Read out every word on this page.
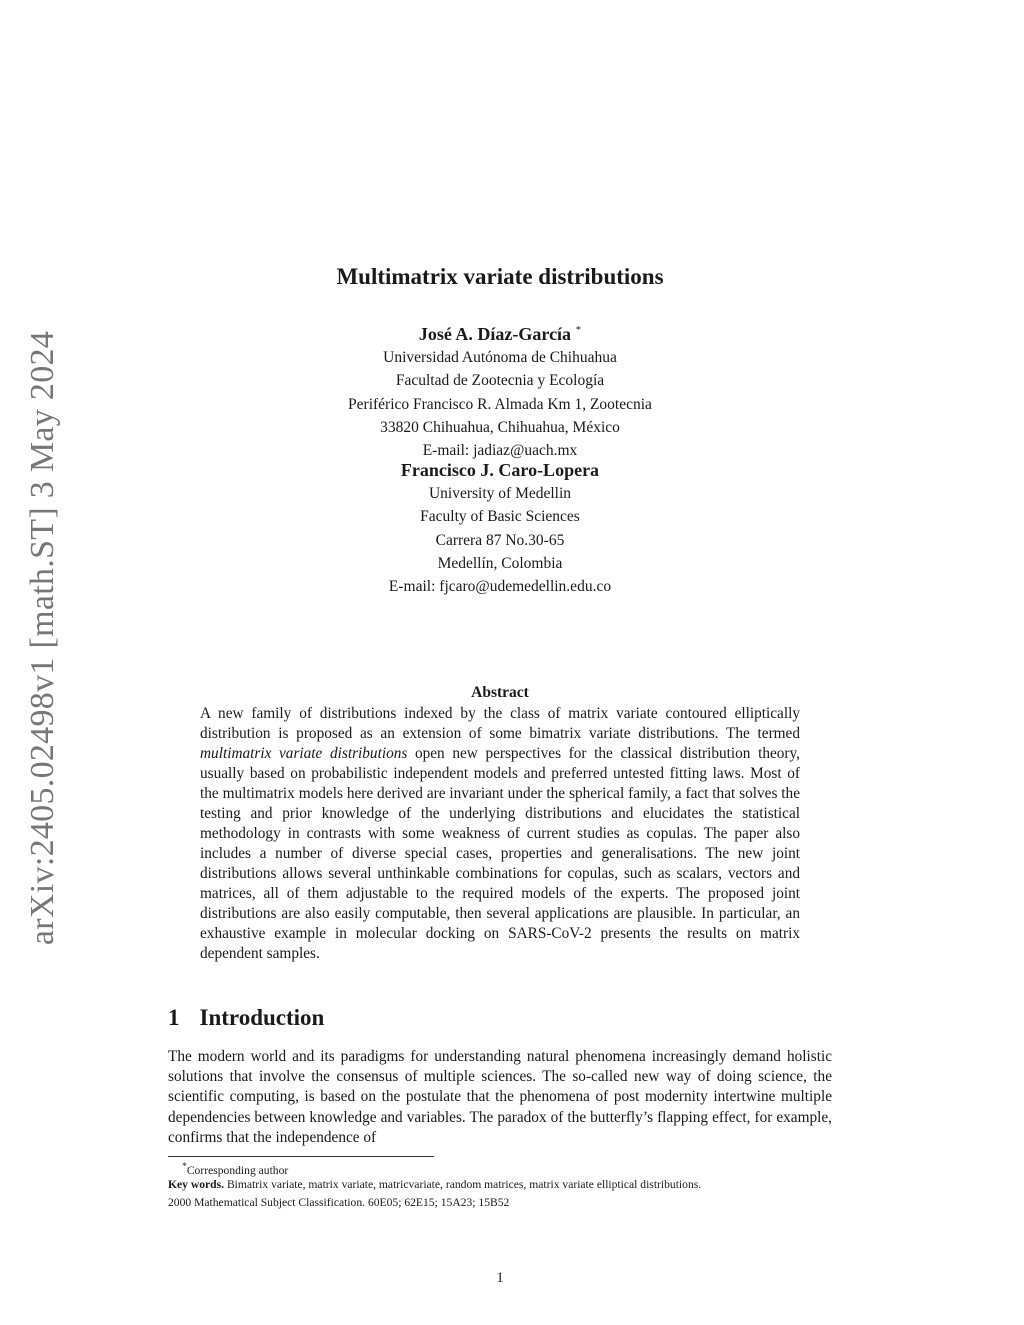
arXiv:2405.02498v1 [math.ST] 3 May 2024
Multimatrix variate distributions
José A. Díaz-García *
Universidad Autónoma de Chihuahua
Facultad de Zootecnia y Ecología
Periférico Francisco R. Almada Km 1, Zootecnia
33820 Chihuahua, Chihuahua, México
E-mail: jadiaz@uach.mx
Francisco J. Caro-Lopera
University of Medellin
Faculty of Basic Sciences
Carrera 87 No.30-65
Medellín, Colombia
E-mail: fjcaro@udemedellin.edu.co
Abstract
A new family of distributions indexed by the class of matrix variate contoured elliptically distribution is proposed as an extension of some bimatrix variate distributions. The termed multimatrix variate distributions open new perspectives for the classical distribution theory, usually based on probabilistic independent models and preferred untested fitting laws. Most of the multimatrix models here derived are invariant under the spherical family, a fact that solves the testing and prior knowledge of the underlying distributions and elucidates the statistical methodology in contrasts with some weakness of current studies as copulas. The paper also includes a number of diverse special cases, properties and generalisations. The new joint distributions allows several unthinkable combinations for copulas, such as scalars, vectors and matrices, all of them adjustable to the required models of the experts. The proposed joint distributions are also easily computable, then several applications are plausible. In particular, an exhaustive example in molecular docking on SARS-CoV-2 presents the results on matrix dependent samples.
1 Introduction
The modern world and its paradigms for understanding natural phenomena increasingly demand holistic solutions that involve the consensus of multiple sciences. The so-called new way of doing science, the scientific computing, is based on the postulate that the phenomena of post modernity intertwine multiple dependencies between knowledge and variables. The paradox of the butterfly’s flapping effect, for example, confirms that the independence of
*Corresponding author
Key words. Bimatrix variate, matrix variate, matricvariate, random matrices, matrix variate elliptical distributions.
2000 Mathematical Subject Classification. 60E05; 62E15; 15A23; 15B52
1
